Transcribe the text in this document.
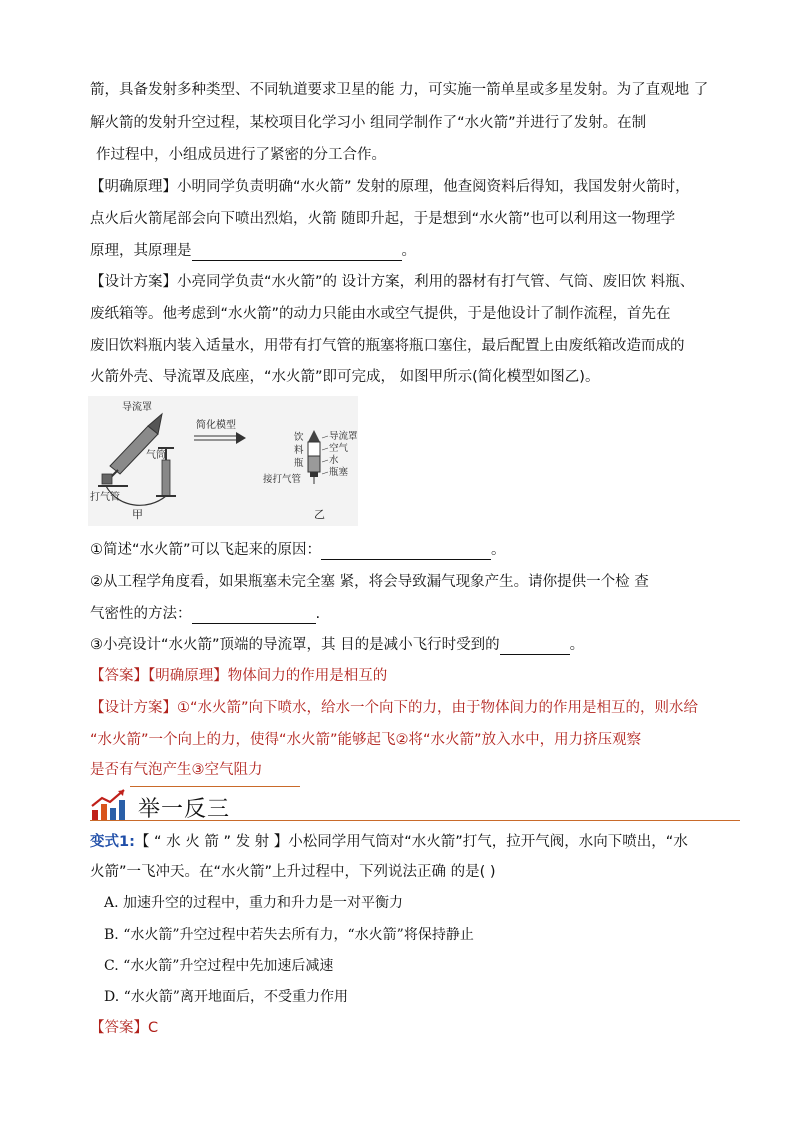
箭，具备发射多种类型、不同轨道要求卫星的能 力，可实施一箭单星或多星发射。为了直观地 了
解火箭的发射升空过程，某校项目化学习小 组同学制作了“水火箭”并进行了发射。在制
作过程中，小组成员进行了紧密的分工合作。
【明确原理】小明同学负责明确“水火箭” 发射的原理，他查阅资料后得知，我国发射火箭时，
点火后火箭尾部会向下喷出烈焰，火箭 随即升起，于是想到“水火箭”也可以利用这一物理学
原理，其原理是	。
【设计方案】小亮同学负责“水火箭”的 设计方案，利用的器材有打气管、气筒、废旧饮 料瓶、
废纸箱等。他考虑到“水火箭”的动力只能由水或空气提供，于是他设计了制作流程，首先在
废旧饮料瓶内装入适量水，用带有打气管的瓶塞将瓶口塞住，最后配置上由废纸箱改造而成的
火箭外壳、导流罩及底座，“水火箭”即可完成， 如图甲所示(简化模型如图乙)。
导流罩
气筒
打气管
甲
简化模型
饮
料
瓶
导流罩
空气
水
瓶塞
接打气管
乙
①简述“水火箭”可以飞起来的原因：	。
②从工程学角度看，如果瓶塞未完全塞 紧，将会导致漏气现象产生。请你提供一个检 查
气密性的方法：	.
③小亮设计“水火箭”顶端的导流罩，其 目的是减小飞行时受到的	。
【答案】【明确原理】物体间力的作用是相互的
【设计方案】①“水火箭”向下喷水，给水一个向下的力，由于物体间力的作用是相互的，则水给
“水火箭”一个向上的力，使得“水火箭”能够起飞②将“水火箭”放入水中，用力挤压观察
是否有气泡产生③空气阻力
举一反三
变式1:【 “ 水 火 箭 ” 发 射 】小松同学用气筒对“水火箭”打气，拉开气阀，水向下喷出，“水
火箭”一飞冲天。在“水火箭”上升过程中，下列说法正确 的是( )
A. 加速升空的过程中，重力和升力是一对平衡力
B. “水火箭”升空过程中若失去所有力，“水火箭”将保持静止
C. “水火箭”升空过程中先加速后减速
D. “水火箭”离开地面后，不受重力作用
【答案】C
